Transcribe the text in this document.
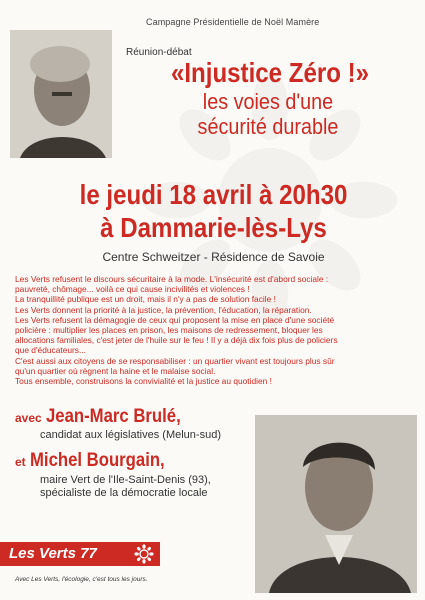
Campagne Présidentielle de Noël Mamère
Réunion-débat
«Injustice Zéro !»
les voies d'une
sécurité durable
le jeudi 18 avril à 20h30
à Dammarie-lès-Lys
Centre Schweitzer - Résidence de Savoie

Les Verts refusent le discours sécuritaire à la mode. L'insécurité est d'abord sociale :

pauvreté, chômage... voilà ce qui cause incivilités et violences !

La tranquillité publique est un droit, mais il n'y a pas de solution facile !

Les Verts donnent la priorité à la justice, la prévention, l'éducation, la réparation.

Les Verts refusent la démagogie de ceux qui proposent la mise en place d'une société

policière : multiplier les places en prison, les maisons de redressement, bloquer les

allocations familiales, c'est jeter de l'huile sur le feu ! Il y a déjà dix fois plus de policiers

que d'éducateurs...

C'est aussi aux citoyens de se responsabiliser : un quartier vivant est toujours plus sûr

qu'un quartier où règnent la haine et le malaise social.

Tous ensemble, construisons la convivialité et la justice au quotidien !

avec Jean-Marc Brulé,
candidat aux législatives (Melun-sud)
et Michel Bourgain,
maire Vert de l'Ile-Saint-Denis (93),
spécialiste de la démocratie locale
Les Verts 77
Avec Les Verts, l'écologie, c'est tous les jours.
